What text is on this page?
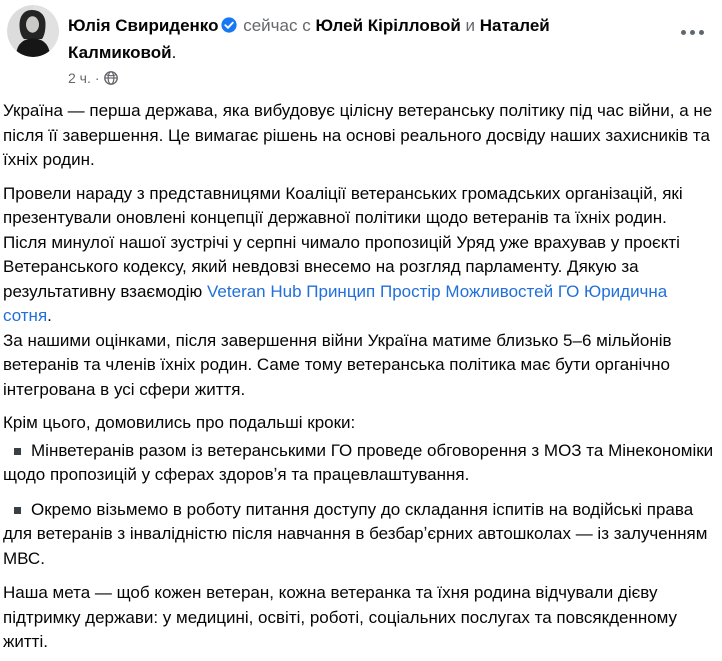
Юлія Свириденко сейчас с Юлей Кірілловой и Наталей Калмиковой.
2 ч. ·

Україна — перша держава, яка вибудовує цілісну ветеранську політику під час війни, а не після її завершення. Це вимагає рішень на основі реального досвіду наших захисників та їхніх родин.

Провели нараду з представницями Коаліції ветеранських громадських організацій, які презентували оновлені концепції державної політики щодо ветеранів та їхніх родин. Після минулої нашої зустрічі у серпні чимало пропозицій Уряд уже врахував у проєкті Ветеранського кодексу, який невдовзі внесемо на розгляд парламенту. Дякую за результативну взаємодію Veteran Hub Принцип Простір Можливостей ГО Юридична сотня.
За нашими оцінками, після завершення війни Україна матиме близько 5–6 мільйонів ветеранів та членів їхніх родин. Саме тому ветеранська політика має бути органічно інтегрована в усі сфери життя.

Крім цього, домовились про подальші кроки:

Мінветеранів разом із ветеранськими ГО проведе обговорення з МОЗ та Мінекономіки щодо пропозицій у сферах здоровʼя та працевлаштування.

Окремо візьмемо в роботу питання доступу до складання іспитів на водійські права для ветеранів з інвалідністю після навчання в безбарʼєрних автошколах — із залученням МВС.

Наша мета — щоб кожен ветеран, кожна ветеранка та їхня родина відчували дієву підтримку держави: у медицині, освіті, роботі, соціальних послугах та повсякденному житті.
